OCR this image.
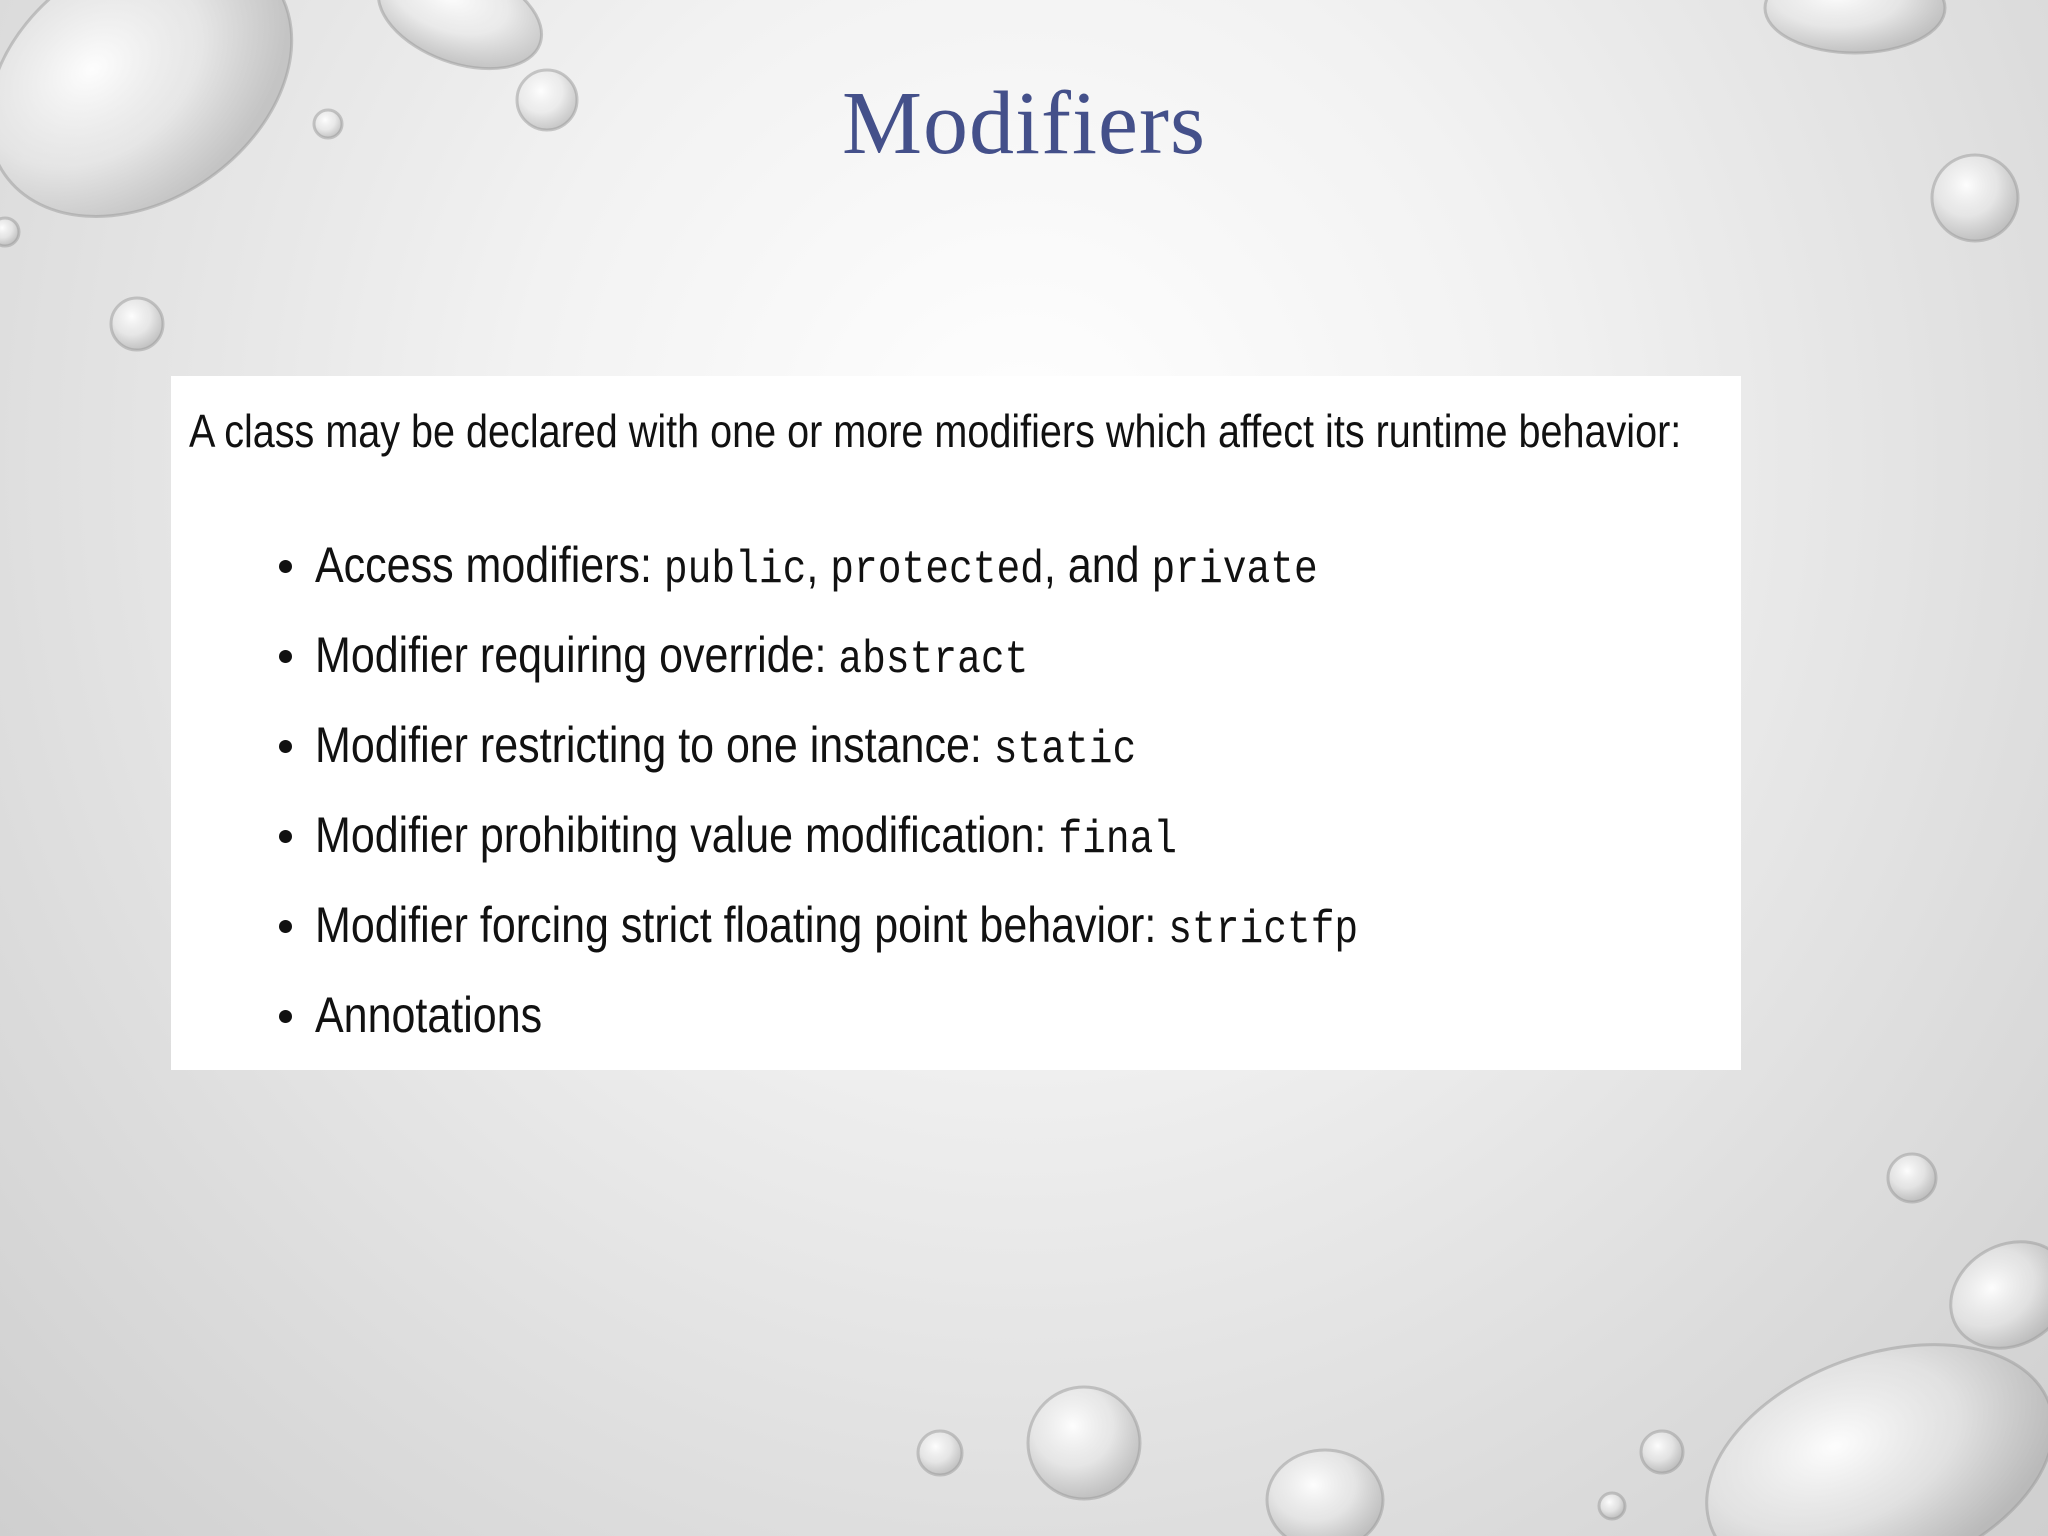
Modifiers
A class may be declared with one or more modifiers which affect its runtime behavior:
Access modifiers: public, protected, and private
Modifier requiring override: abstract
Modifier restricting to one instance: static
Modifier prohibiting value modification: final
Modifier forcing strict floating point behavior: strictfp
Annotations
